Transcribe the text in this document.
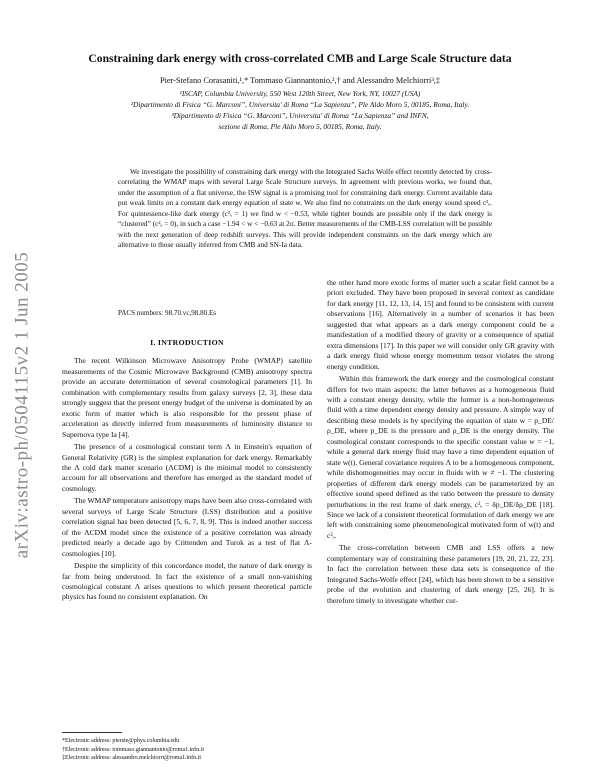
arXiv:astro-ph/0504115v2 1 Jun 2005
Constraining dark energy with cross-correlated CMB and Large Scale Structure data
Pier-Stefano Corasaniti,¹,* Tommaso Giannantonio,²,† and Alessandro Melchiorri³,‡
¹ISCAP, Columbia University, 550 West 120th Street, New York, NY, 10027 (USA)
²Dipartimento di Fisica “G. Marconi”, Universita' di Roma “La Sapienza”, Ple Aldo Moro 5, 00185, Roma, Italy.
³Dipartimento di Fisica “G. Marconi”, Universita' di Roma “La Sapienza” and INFN,
sezione di Roma, Ple Aldo Moro 5, 00185, Roma, Italy.

We investigate the possibility of constraining dark energy with the Integrated Sachs Wolfe effect recently detected by cross-correlating the WMAP maps with several Large Scale Structure surveys. In agreement with previous works, we found that, under the assumption of a flat universe, the ISW signal is a promising tool for constraining dark energy. Current available data put weak limits on a constant dark energy equation of state w. We also find no constraints on the dark energy sound speed c²ₑ. For quintessence-like dark energy (c²ₑ = 1) we find w < −0.53, while tighter bounds are possible only if the dark energy is “clustered” (c²ₑ = 0), in such a case −1.94 < w < −0.63 at 2σ. Better measurements of the CMB-LSS correlation will be possible with the next generation of deep redshift surveys. This will provide independent constraints on the dark energy which are alternative to those usually inferred from CMB and SN-Ia data.

PACS numbers: 98.70.vc,98.80.Es
I. INTRODUCTION

The recent Wilkinson Microwave Anisotropy Probe (WMAP) satellite measurements of the Cosmic Microwave Background (CMB) anisotropy spectra provide an accurate determination of several cosmological parameters [1]. In combination with complementary results from galaxy surveys [2, 3], these data strongly suggest that the present energy budget of the universe is dominated by an exotic form of matter which is also responsible for the present phase of acceleration as directly inferred from measurements of luminosity distance to Supernova type Ia [4].

The presence of a cosmological constant term Λ in Einstein's equation of General Relativity (GR) is the simplest explanation for dark energy. Remarkably the Λ cold dark matter scenario (ΛCDM) is the minimal model to consistently account for all observations and therefore has emerged as the standard model of cosmology.

The WMAP temperature anisotropy maps have been also cross-correlated with several surveys of Large Scale Structure (LSS) distribution and a positive correlation signal has been detected [5, 6, 7, 8, 9]. This is indeed another success of the ΛCDM model since the existence of a positive correlation was already predicted nearly a decade ago by Crittenden and Turok as a test of flat Λ-cosmologies [10].

Despite the simplicity of this concordance model, the nature of dark energy is far from being understood. In fact the existence of a small non-vanishing cosmological constant Λ arises questions to which present theoretical particle physics has found no consistent explanation. On

the other hand more exotic forms of matter such a scalar field cannot be a priori excluded. They have been proposed in several context as candidate for dark energy [11, 12, 13, 14, 15] and found to be consistent with current observations [16]. Alternatively in a number of scenarios it has been suggested that what appears as a dark energy component could be a manifestation of a modified theory of gravity or a consequence of spatial extra dimensions [17]. In this paper we will consider only GR gravity with a dark energy fluid whose energy momentum tensor violates the strong energy condition.

Within this framework the dark energy and the cosmological constant differs for two main aspects: the latter behaves as a homogeneous fluid with a constant energy density, while the former is a non-homogeneous fluid with a time dependent energy density and pressure. A simple way of describing these models is by specifying the equation of state w = p_DE/ρ_DE, where p_DE is the pressure and ρ_DE is the energy density. The cosmological constant corresponds to the specific constant value w = −1, while a general dark energy fluid may have a time dependent equation of state w(t). General covariance requires Λ to be a homogeneous component, while dishomogeneities may occur in fluids with w ≠ −1. The clustering properties of different dark energy models can be parameterized by an effective sound speed defined as the ratio between the pressure to density perturbations in the rest frame of dark energy, c²ₑ = δp_DE/δρ_DE [18]. Since we lack of a consistent theoretical formulation of dark energy we are left with constraining some phenomenological motivated form of w(t) and c²ₑ.

The cross-correlation between CMB and LSS offers a new complementary way of constraining these parameters [19, 20, 21, 22, 23]. In fact the correlation between these data sets is consequence of the Integrated Sachs-Wolfe effect [24], which has been shown to be a sensitive probe of the evolution and clustering of dark energy [25, 26]. It is therefore timely to investigate whether cur-

*Electronic address: pierste@phys.columbia.edu
†Electronic address: tommaso.giannantonio@roma1.infn.it
‡Electronic address: alessandro.melchiorri@roma1.infn.it
